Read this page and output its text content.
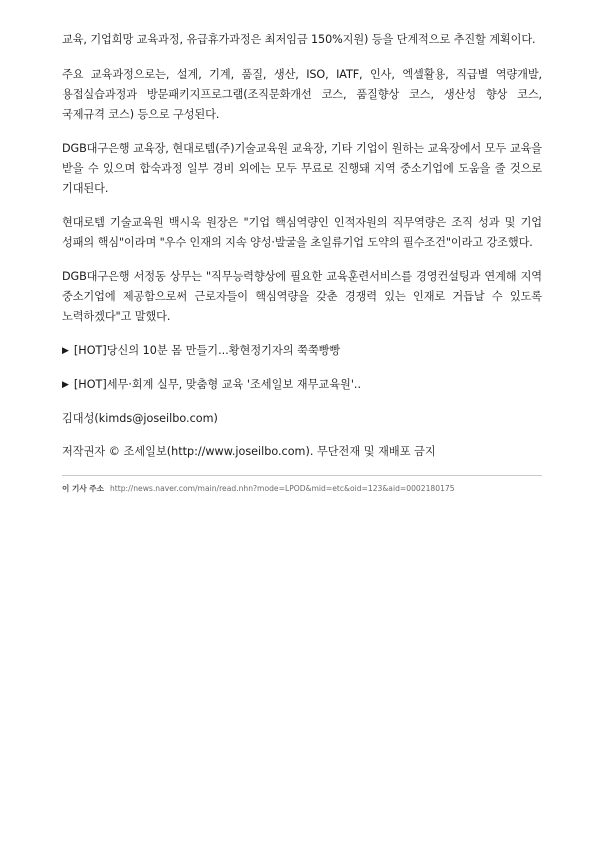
교육, 기업희망 교육과정, 유급휴가과정은 최저임금 150%지원) 등을 단계적으로 추진할 계획이다.

주요 교육과정으로는, 설계, 기계, 품질, 생산, ISO, IATF, 인사, 엑셀활용, 직급별 역량개발, 용접실습과정과 방문패키지프로그램(조직문화개선 코스, 품질향상 코스, 생산성 향상 코스, 국제규격 코스) 등으로 구성된다.

DGB대구은행 교육장, 현대로템(주)기술교육원 교육장, 기타 기업이 원하는 교육장에서 모두 교육을 받을 수 있으며 합숙과정 일부 경비 외에는 모두 무료로 진행돼 지역 중소기업에 도움을 줄 것으로 기대된다.

현대로템 기술교육원 백시욱 원장은 "기업 핵심역량인 인적자원의 직무역량은 조직 성과 및 기업 성패의 핵심"이라며 "우수 인재의 지속 양성·발굴을 초일류기업 도약의 필수조건"이라고 강조했다.

DGB대구은행 서정동 상무는 "직무능력향상에 필요한 교육훈련서비스를 경영컨설팅과 연계해 지역 중소기업에 제공함으로써 근로자들이 핵심역량을 갖춘 경쟁력 있는 인재로 거듭날 수 있도록 노력하겠다"고 말했다.

▶ [HOT]당신의 10분 몸 만들기...황현정기자의 쭉쭉빵빵
▶ [HOT]세무·회계 실무, 맞춤형 교육 '조세일보 재무교육원'..
김대성(kimds@joseilbo.com)
저작권자 © 조세일보(http://www.joseilbo.com). 무단전재 및 재배포 금지
이 기사 주소 http://news.naver.com/main/read.nhn?mode=LPOD&mid=etc&oid=123&aid=0002180175
